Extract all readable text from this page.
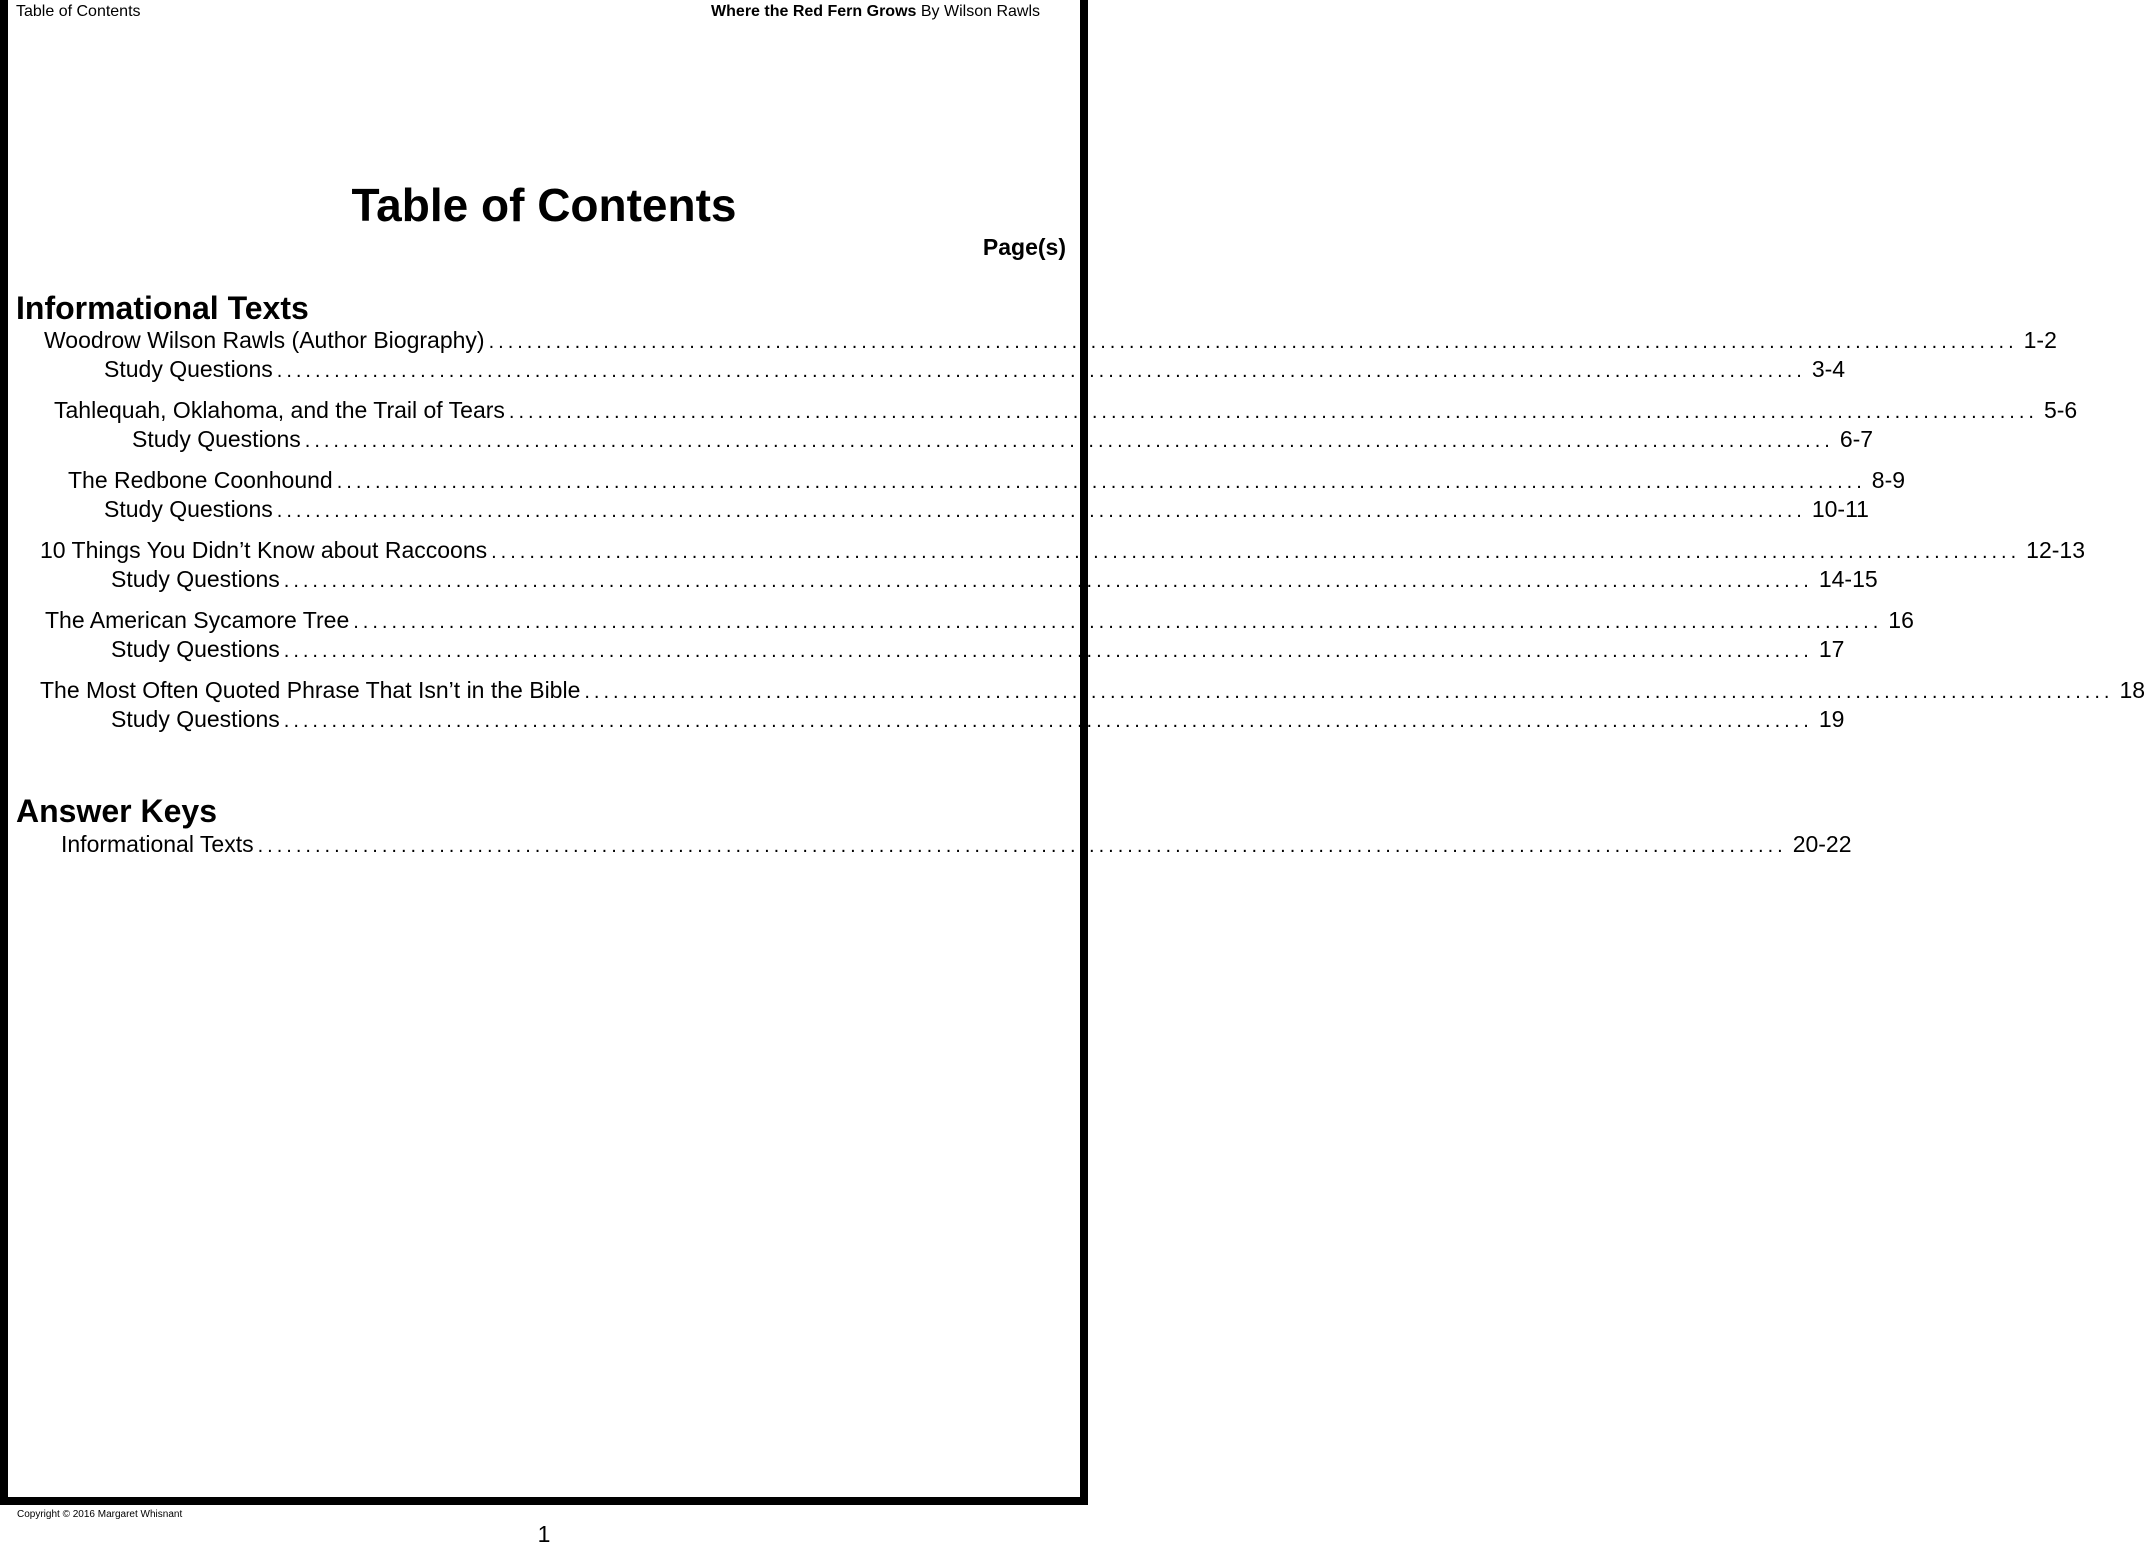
Table of Contents	Where the Red Fern Grows By Wilson Rawls
Table of Contents
Page(s)
Informational Texts
Woodrow Wilson Rawls (Author Biography) ................................................................................................................................................................ 1-2
Study Questions ................................................................................................................................................................ 3-4
Tahlequah, Oklahoma, and the Trail of Tears ................................................................................................................................................................ 5-6
Study Questions ................................................................................................................................................................ 6-7
The Redbone Coonhound ................................................................................................................................................................ 8-9
Study Questions ................................................................................................................................................................ 10-11
10 Things You Didn’t Know about Raccoons ................................................................................................................................................................ 12-13
Study Questions ................................................................................................................................................................ 14-15
The American Sycamore Tree ................................................................................................................................................................ 16
Study Questions ................................................................................................................................................................ 17
The Most Often Quoted Phrase That Isn’t in the Bible ................................................................................................................................................................ 18
Study Questions ................................................................................................................................................................ 19
Answer Keys
Informational Texts ................................................................................................................................................................ 20-22
Copyright © 2016 Margaret Whisnant
1
